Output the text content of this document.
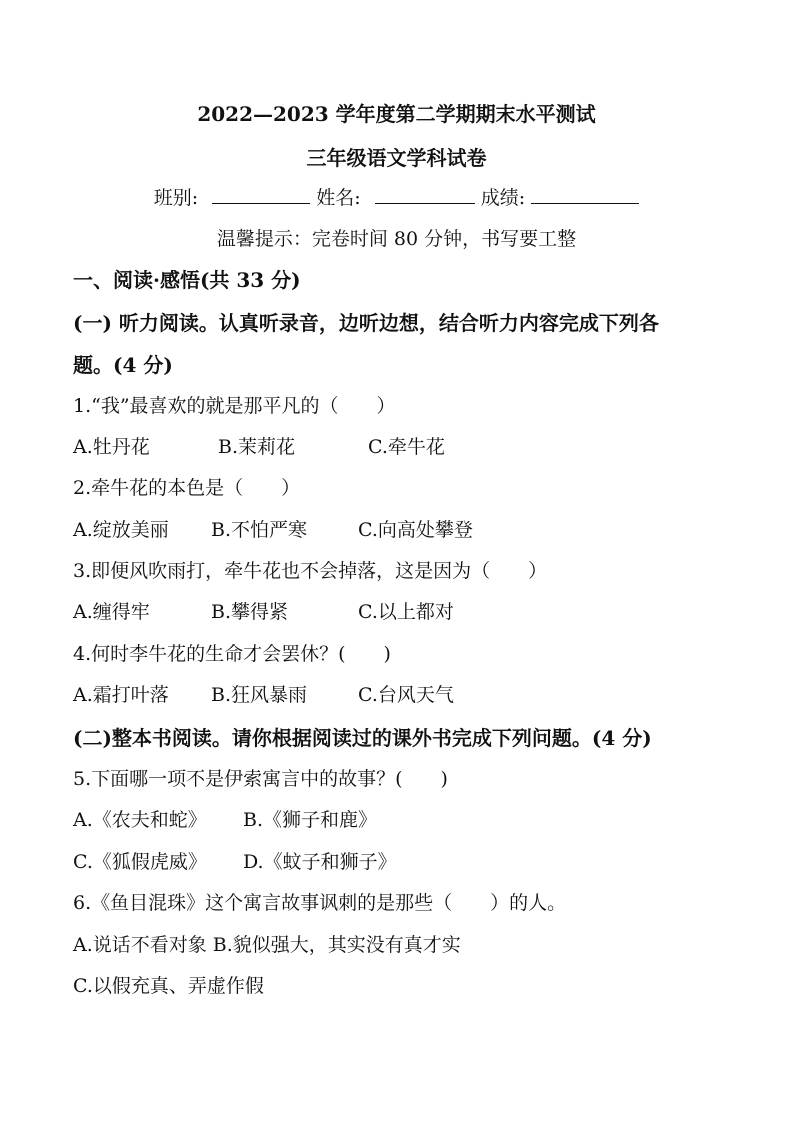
2022—2023 学年度第二学期期末水平测试
三年级语文学科试卷
班别:	姓名:	成绩:
温馨提示：完卷时间 80 分钟，书写要工整
一、阅读·感悟(共 33 分)
(一) 听力阅读。认真听录音，边听边想，结合听力内容完成下列各
题。(4 分)
1.“我”最喜欢的就是那平凡的（　　）
A.牡丹花	B.茉莉花	C.牵牛花
2.牵牛花的本色是（　　）
A.绽放美丽 B.不怕严寒	C.向高处攀登
3.即便风吹雨打，牵牛花也不会掉落，这是因为（　　）
A.缠得牢	B.攀得紧	C.以上都对
4.何时李牛花的生命才会罢休？(　　)
A.霜打叶落 B.狂风暴雨	C.台风天气
(二)整本书阅读。请你根据阅读过的课外书完成下列问题。(4 分)
5.下面哪一项不是伊索寓言中的故事？(　　)
A.《农夫和蛇》 B.《狮子和鹿》
C.《狐假虎威》 D.《蚊子和狮子》
6.《鱼目混珠》这个寓言故事讽刺的是那些（　　）的人。
A.说话不看对象 B.貌似强大，其实没有真才实
C.以假充真、弄虚作假
